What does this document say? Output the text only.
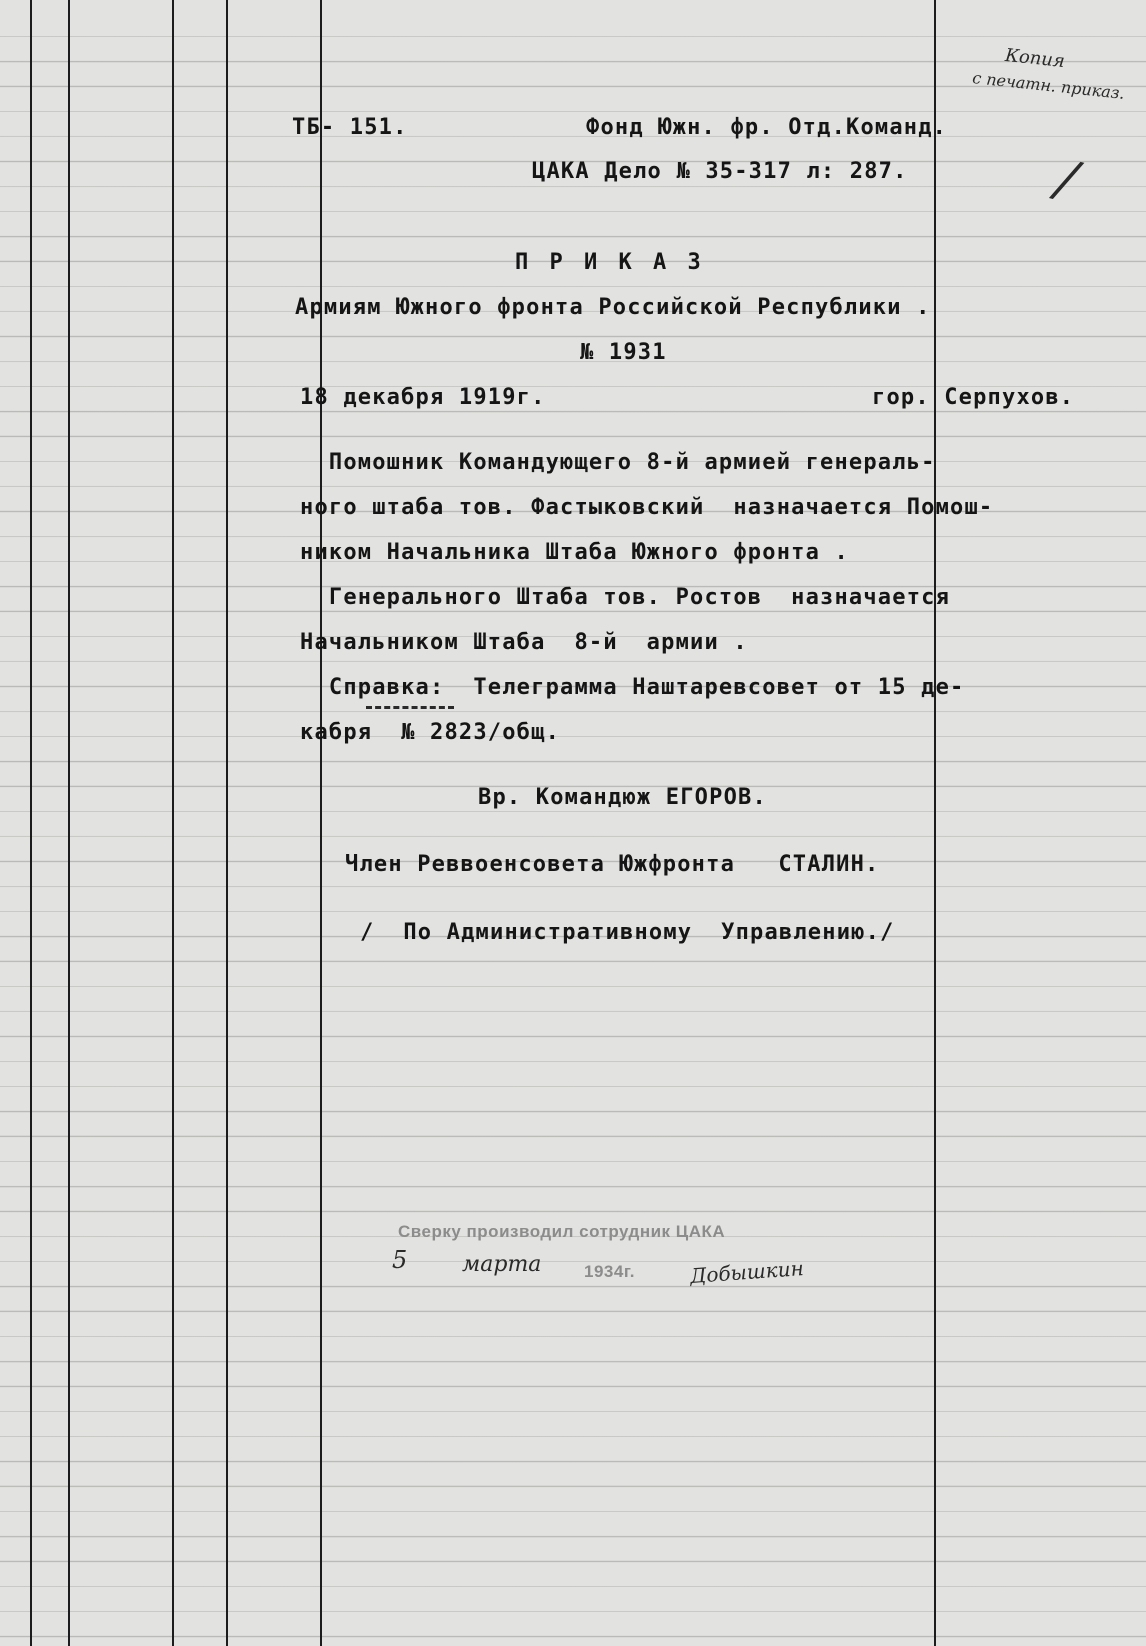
Копия
с печатн. приказ.
/
ТБ- 151.	Фонд Южн. фр. Отд.Команд.
ЦАКА Дело № 35-317 л: 287.
П Р И К А З
Армиям Южного фронта Российской Республики .
№ 1931
18 декабря 1919г.	гор. Серпухов.
Помошник Командующего 8-й армией генераль-
ного штаба тов. Фастыковский  назначается Помош-
ником Начальника Штаба Южного фронта .
Генерального Штаба тов. Ростов  назначается
Начальником Штаба  8-й  армии .
Справка:  Телеграмма Наштаревсовет от 15 де-
кабря  № 2823/общ.
Вр. Командюж ЕГОРОВ.
Член Реввоенсовета Южфронта   СТАЛИН.
/  По Административному  Управлению./
Сверку производил сотрудник ЦАКА
5 марта	1934г.	Добышкин
